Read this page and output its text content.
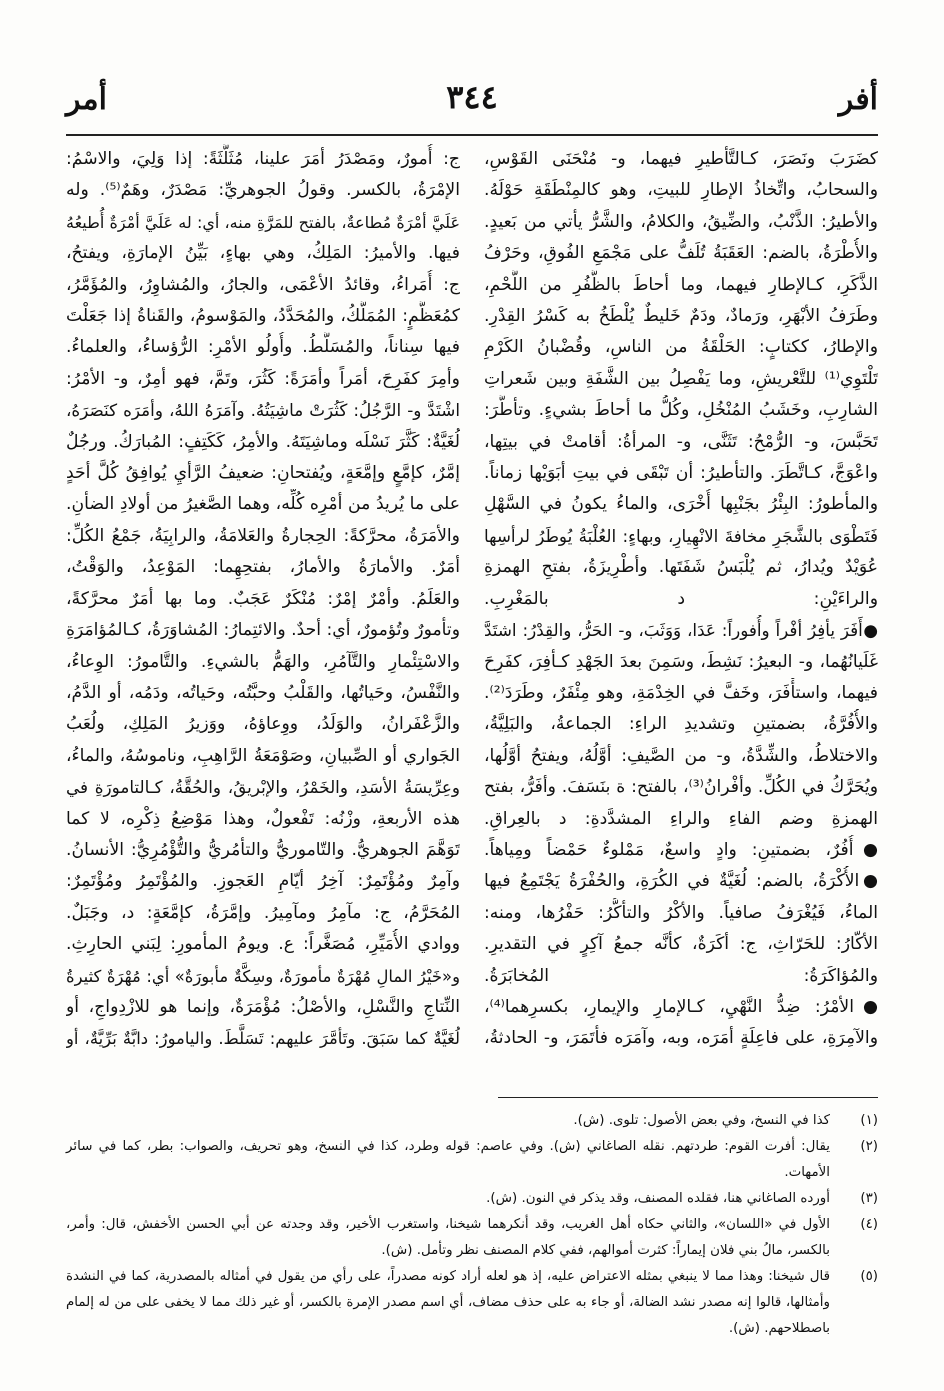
أفر
٣٤٤
أمر
كضَرَبَ ونَصَرَ، كـالتَّأطيرِ فيهما، و- مُنْحَنَى القَوْسِ،
والسحابُ، واتِّخاذُ الإطارِ للبيتِ، وهو كالمِنْطَقَةِ حَوْلَهُ.
والأطيرُ: الذَّنْبُ، والضِّيقُ، والكلامُ، والشَّرُّ يأتي من بَعيدٍ.
والأُطْرَةُ، بالضم: العَقَبَةُ تُلَفُّ على مَجْمَعِ الفُوقِ، وحَرْفُ
الذَّكَرِ، كـالإطارِ فيهما، وما أحاطَ بالظُّفُرِ من اللَّحْمِ،
وطَرَفُ الأبْهَرِ، ورَمادٌ، ودَمٌ خَليطٌ يُلْطَخُ به كَسْرُ القِدْرِ.
والإطارُ، ككتابٍ: الحَلْقَةُ من الناسِ، وقُضْبانُ الكَرْمِ
تَلْتَوِي⁽¹⁾ للتَّعْريشِ، وما يَفْصِلُ بين الشَّفَةِ وبين شَعراتِ
الشارِبِ، وخَشَبُ المُنْخُلِ، وكُلُّ ما أحاطَ بشيءٍ. وتأطَّرَ:
تَحَبَّسَ، و- الرُّمْحُ: تَثَنَّى، و- المرأةُ: أقامتْ في بيتِها،
واعْوَجَّ، كـاتَّطَرَ. والتأطيرُ: أن تَبْقَى في بيتِ أبَوَيْها زماناً.
والمأطورُ: البِئْرُ بجَنْبِها أُخْرَى، والماءُ يكونُ في السَّهْلِ
فَتَطْوَى بالشَّجَرِ مخافةَ الانْهِيارِ، وبهاءٍ: العُلْبَةُ يُوطَرُ لرأسِها
عُوَيْدٌ ويُدارُ، ثم يُلْبَسُ شَفَتَها. وأطْرِيزَةُ، بفتحِ الهمزةِ
والراءَيْنِ: د بالمَغْرِبِ.
●أَفَرَ يأفِرُ أفْراً وأُفوراً: عَدَا، وَوَثَبَ، و- الحَرُّ، والقِدْرُ: اشتَدَّ
غَلَيانُهُما، و- البعيرُ: نَشِطَ، وسَمِنَ بعدَ الجَهْدِ كـأفِرَ، كفَرِحَ
فيهما، واستأْفَرَ، وخَفَّ في الخِدْمَةِ، وهو مِئْفَرٌ، وطَرَدَ⁽²⁾.
والأُفُرَّةُ، بضمتينِ وتشديدِ الراءِ: الجماعةُ، والبَلِيَّةُ،
والاختلاطُ، والشِّدَّةُ، و- من الصَّيفِ: أوَّلُهُ، ويفتحُ أوَّلُها،
ويُحَرَّكُ في الكُلِّ. وأفْرانُ⁽³⁾، بالفتح: ة بنَسَفَ. وأفَرُّ، بفتح
الهمزةِ وضم الفاءِ والراءِ المشدَّدةِ: د بالعِراقِ.
●أُفُرٌ، بضمتينِ: وادٍ واسعٌ، مَمْلوءٌ حَمْضاً ومِياهاً.
●الأُكْرَةُ، بالضم: لُغَيَّةٌ في الكُرَةِ، والحُفْرَةُ يَجْتَمِعُ فيها
الماءُ، فَيُغْرَفُ صافياً. والأكْرُ والتأكُّرُ: حَفْرُها، ومنه:
الأكّارُ: للحَرّاثِ، ج: أكَرَةٌ، كأنَّه جمعُ آكِرٍ في التقديرِ.
والمُؤاكَرَةُ: المُخابَرَةُ.
●الأمْرُ: ضِدُّ النَّهْيِ، كـالإمارِ والإيمارِ، بكسرِهما⁽⁴⁾،
والآمِرَةِ، على فاعِلَةٍ أمَرَه، وبه، وآمَرَه فأتَمَرَ، و- الحادثةُ،
ج: أُمورٌ، ومَصْدَرُ أمَرَ علينا، مُثَلَّثَةً: إذا وَلِيَ، والاسْمُ:
الإمْرَةُ، بالكسر. وقولُ الجوهريِّ: مَصْدَرٌ، وهَمٌ⁽⁵⁾. وله
عَلَيَّ أمْرَةٌ مُطاعةٌ، بالفتح للمَرَّةِ منه، أي: له عَلَيَّ أمْرَةٌ أُطيعُهُ
فيها. والأميرُ: المَلِكُ، وهي بهاءٍ، بَيِّنُ الإمارَةِ، ويفتحُ،
ج: أُمَراءُ، وقائدُ الأعْمَى، والجارُ، والمُشاوِرُ، والمُؤَمَّرُ،
كمُعَظَّمٍ: المُمَلَّكُ، والمُحَدَّدُ، والمَوْسومُ، والقَناةُ إذا جَعَلْتَ
فيها سِناناً، والمُسَلَّطُ. وأُولُو الأمْرِ: الرُّؤساءُ، والعلماءُ.
وأمِرَ كفَرِحَ، أمَراً وأمَرَةً: كَثُرَ، وتَمَّ، فهو أمِرٌ، و- الأمْرُ:
اشْتَدَّ و- الرَّجُلُ: كَثُرَتْ ماشِيَتُهُ. وآمَرَهُ اللهُ، وأمَرَه كنَصَرَهُ،
لُغَيَّةٌ: كَثَّرَ نَسْلَه وماشِيَتَهُ. والأمِرُ، كَكَتِفٍ: المُبارَكُ. ورجُلٌ
إمَّرٌ، كإمَّعٍ وإمَّعَةٍ، ويُفتحانِ: ضعيفُ الرَّأيِ يُوافِقُ كُلَّ أحَدٍ
على ما يُريدُ من أمْرِه كُلِّه، وهما الصَّغيرُ من أولادِ الضأنِ.
والأمَرَةُ، محرَّكةً: الحِجارةُ والعَلامَةُ، والرابِيَةُ، جَمْعُ الكُلِّ:
أمَرٌ. والأمارَةُ والأمارُ، بفتحِهِما: المَوْعِدُ، والوَقْتُ،
والعَلَمُ. وأمْرٌ إمْرٌ: مُنْكَرٌ عَجَبٌ. وما بها أمَرٌ محرَّكةً،
وتأمورٌ وتُؤمورٌ، أي: أحدٌ. والائتِمارُ: المُشاوَرَةُ، كـالمُؤامَرَةِ
والاسْتِئْمارِ والتَّآمُرِ، والهَمُّ بالشيءِ. والتَّامورُ: الوِعاءُ،
والنَّفْسُ، وحَياتُها، والقَلْبُ وحبَّتُه، وحَياتُه، ودَمُه، أو الدَّمُ،
والزَّعْفَرانُ، والوَلَدُ، ووِعاؤهُ، ووَزيرُ المَلِكِ، ولُعَبُ
الجَواري أو الصِّبيانِ، وصَوْمَعَةُ الرَّاهِبِ، وناموسُهُ، والماءُ،
وعِرِّيسَةُ الأسَدِ، والخَمْرُ، والإبْريقُ، والحُقَّةُ، كـالتامورَةِ في
هذه الأربعةِ، وزْنُه: تَفْعولٌ، وهذا مَوْضِعُ ذِكْرِه، لا كما
تَوَهَّمَ الجوهريُّ. والتّاموريُّ والتأمُريُّ والتُّؤْمُرِيُّ: الأنسانُ.
وآمِرٌ ومُؤْتَمِرٌ: آخِرُ أيّامِ العَجوزِ. والمُؤْتَمِرُ ومُؤْتَمِرٌ:
المُحَرَّمُ، ج: مآمِرُ ومآمِيرُ. وإمَّرَةُ، كإمَّعَةٍ: د، وجَبَلٌ.
ووادي الأُمَيِّرِ، مُصَغَّراً: ع. ويومُ المأمورِ: لِبَني الحارِثِ.
و«خَيْرُ المالِ مُهْرَةٌ مأمورَةٌ، وسِكَّةٌ مأبورَةٌ» أي: مُهْرَةٌ كثيرةُ
النِّتاجِ والنَّسْلِ، والأصْلُ: مُؤْمَرَةٌ، وإنما هو للازْدِواجِ، أو
لُغَيَّةٌ كما سَبَقَ. وتَأمَّرَ عليهم: تَسَلَّطَ. واليامورُ: دابَّةٌ بَرِّيَّةٌ، أو
(١)
كذا في النسخ، وفي بعض الأصول: تلوى. (ش).
(٢)
يقال: أفرت القوم: طردتهم. نقله الصاغاني (ش). وفي عاصم: قوله وطرد، كذا في النسخ، وهو تحريف، والصواب: بطر، كما في سائر الأمهات.
(٣)
أورده الصاغاني هنا، فقلده المصنف، وقد يذكر في النون. (ش).
(٤)
الأول في «اللسان»، والثاني حكاه أهل الغريب، وقد أنكرهما شيخنا، واستغرب الأخير، وقد وجدته عن أبي الحسن الأخفش، قال: وأمر، بالكسر، مالُ بني فلان إيماراً: كثرت أموالهم، ففي كلام المصنف نظر وتأمل. (ش).
(٥)
قال شيخنا: وهذا مما لا ينبغي بمثله الاعتراض عليه، إذ هو لعله أراد كونه مصدراً، على رأي من يقول في أمثاله بالمصدرية، كما في النشدة وأمثالها، قالوا إنه مصدر نشد الضالة، أو جاء به على حذف مضاف، أي اسم مصدر الإمرة بالكسر، أو غير ذلك مما لا يخفى على من له إلمام باصطلاحهم. (ش).
